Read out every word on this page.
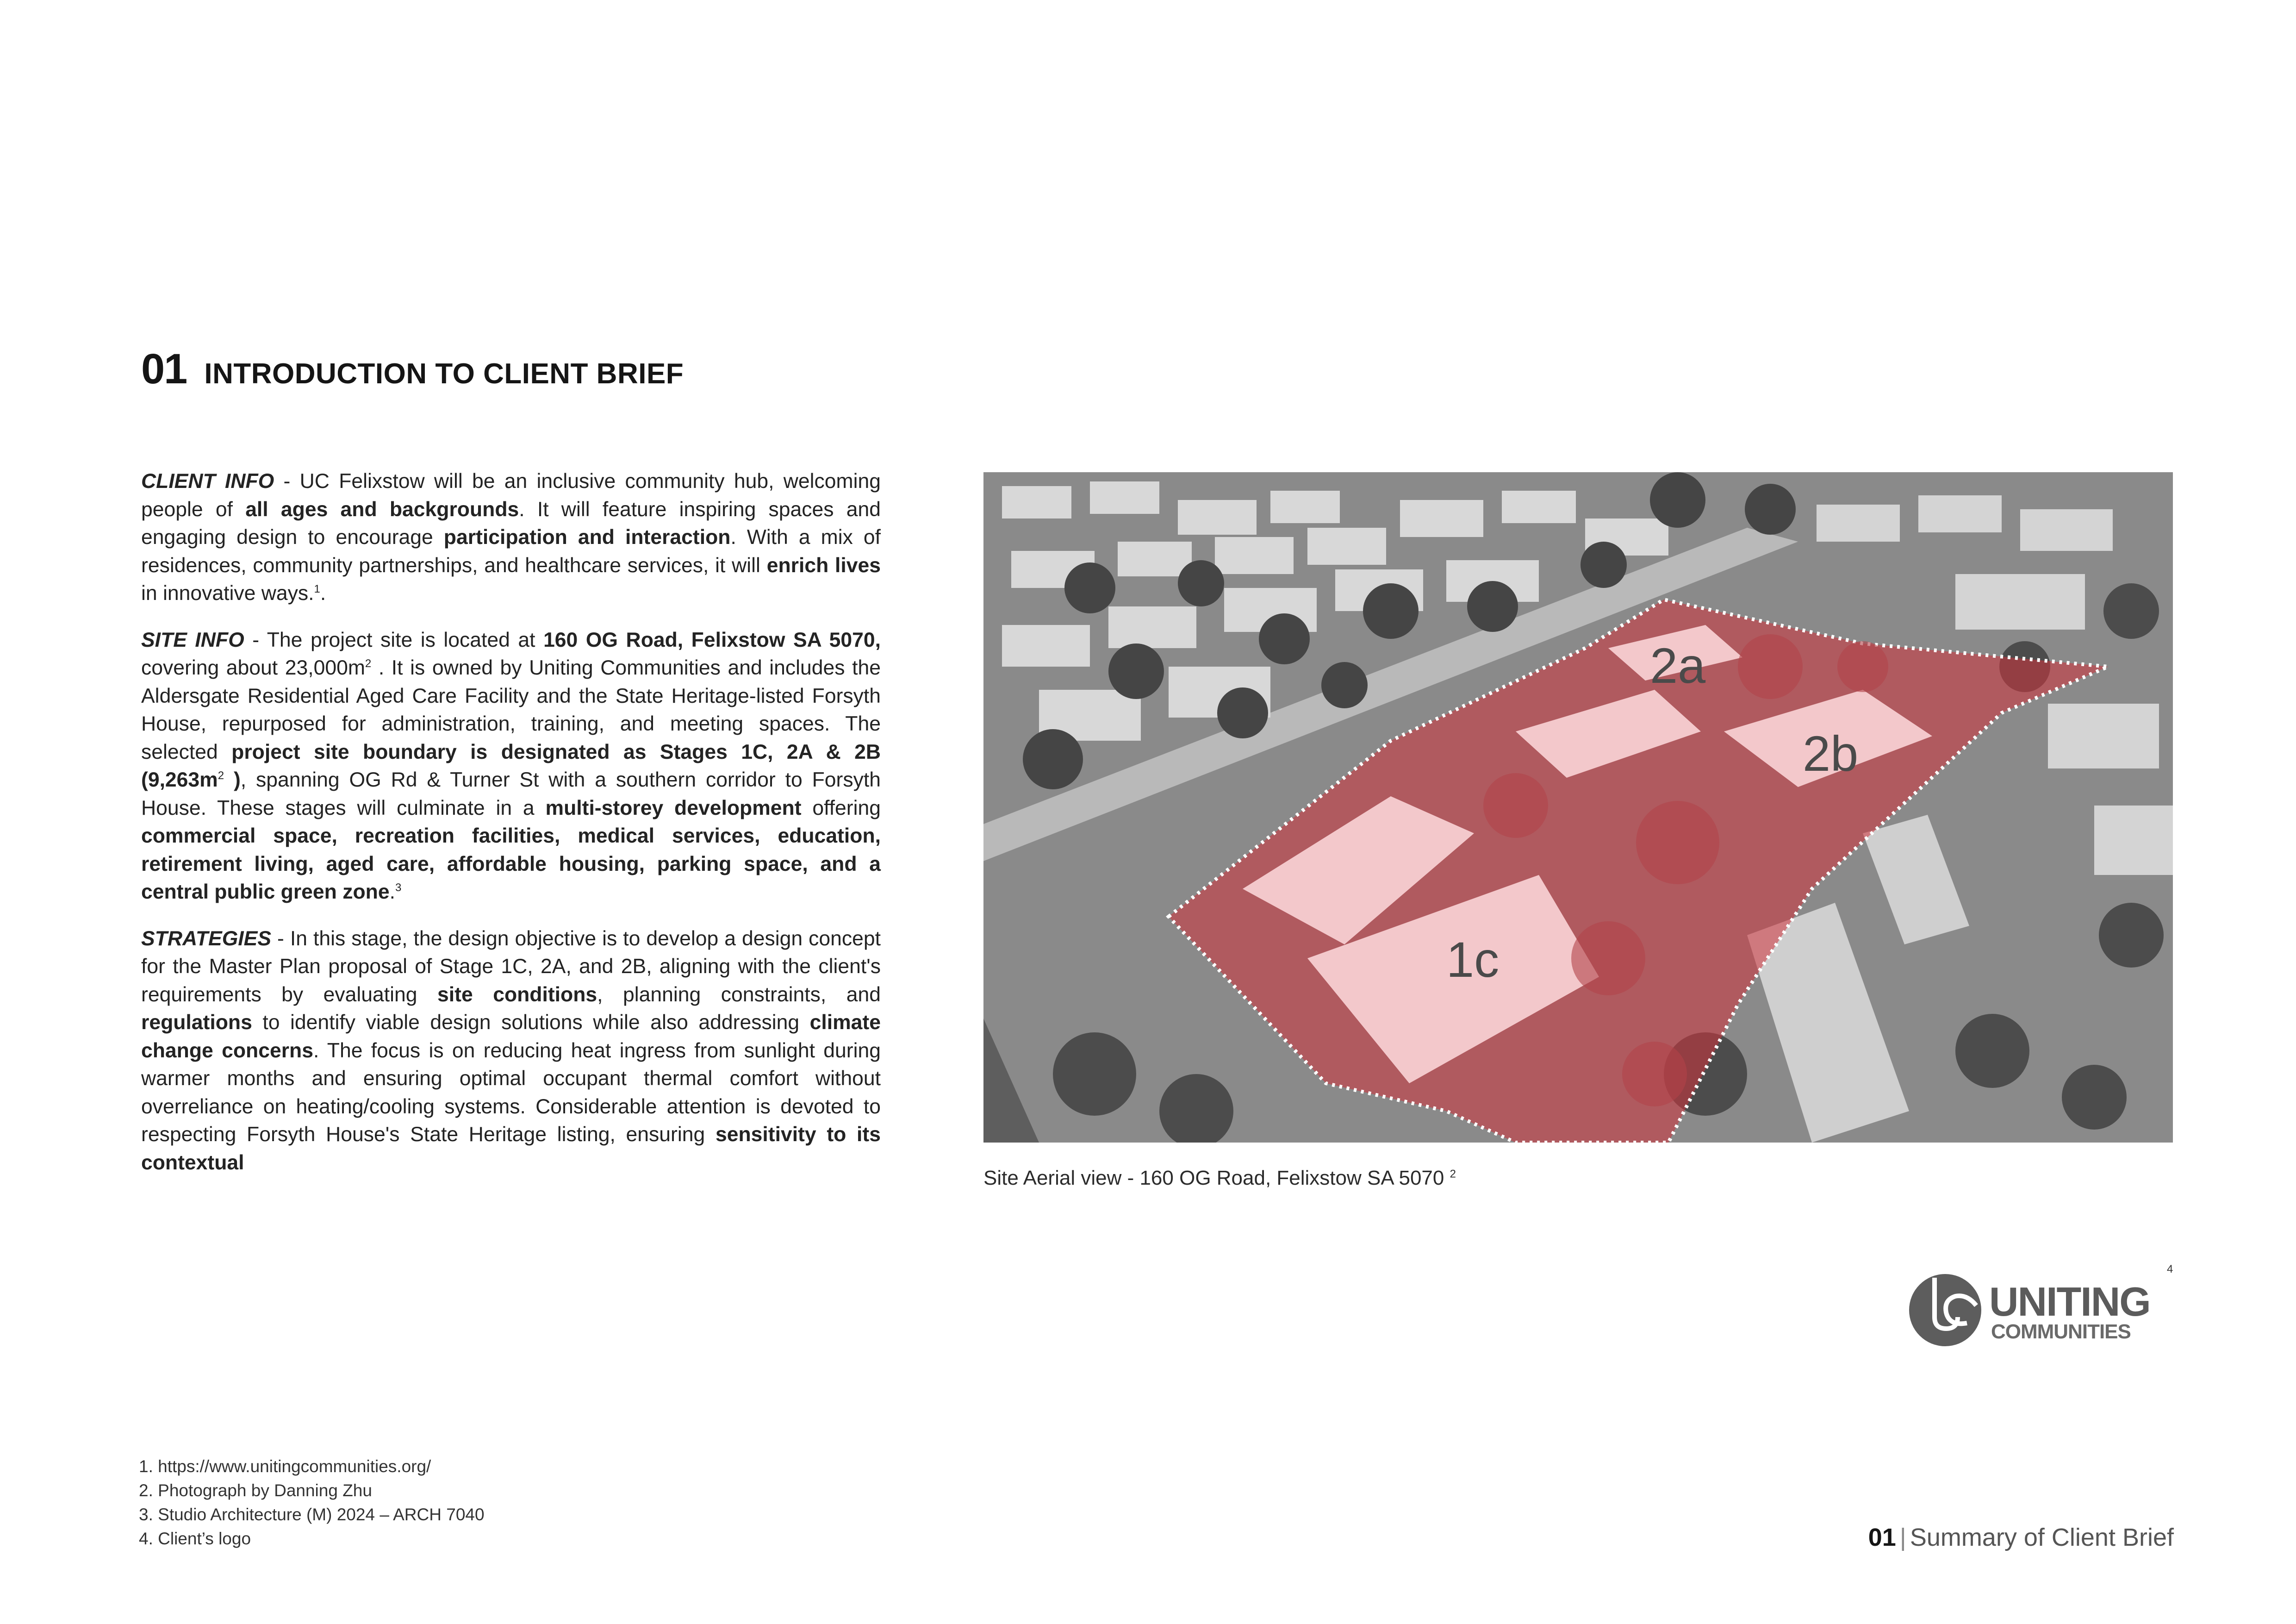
01 INTRODUCTION TO CLIENT BRIEF

CLIENT INFO - UC Felixstow will be an inclusive community hub, welcoming people of all ages and backgrounds. It will feature inspiring spaces and engaging design to encourage participation and interaction. With a mix of residences, community partnerships, and healthcare services, it will enrich lives in innovative ways.$^1$.

SITE INFO - The project site is located at 160 OG Road, Felixstow SA 5070, covering about $23,000m^2$ . It is owned by Uniting Communities and includes the Aldersgate Residential Aged Care Facility and the State Heritage-listed Forsyth House, repurposed for administration, training, and meeting spaces. The selected project site boundary is designated as Stages 1C, 2A & 2B ($9,263m^2$ ), spanning OG Rd & Turner St with a southern corridor to Forsyth House. These stages will culminate in a multi-storey development offering commercial space, recreation facilities, medical services, education, retirement living, aged care, affordable housing, parking space, and a central public green zone.$^3$

STRATEGIES - In this stage, the design objective is to develop a design concept for the Master Plan proposal of Stage 1C, 2A, and 2B, aligning with the client's requirements by evaluating site conditions, planning constraints, and regulations to identify viable design solutions while also addressing climate change concerns. The focus is on reducing heat ingress from sunlight during warmer months and ensuring optimal occupant thermal comfort without overreliance on heating/cooling systems. Considerable attention is devoted to respecting Forsyth House's State Heritage listing, ensuring sensitivity to its contextual

2a
2b
1c
Site Aerial view - 160 OG Road, Felixstow SA 5070 $^2$
UNITING
COMMUNITIES
4
1. https://www.unitingcommunities.org/
2. Photograph by Danning Zhu
3. Studio Architecture (M) 2024 – ARCH 7040
4. Client’s logo	01 | Summary of Client Brief
